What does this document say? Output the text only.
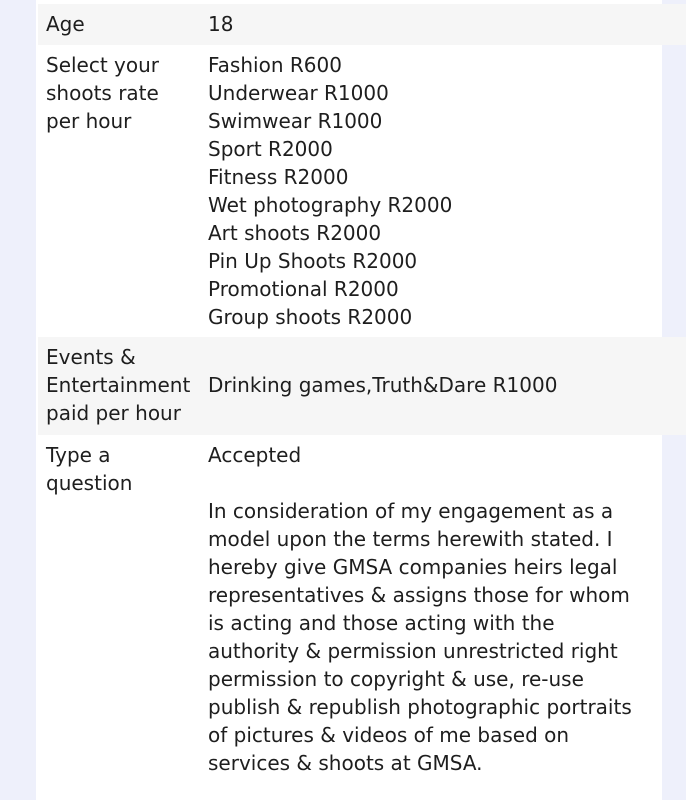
Age	18
Select your
shoots rate
per hour
Fashion R600
Underwear R1000
Swimwear R1000
Sport R2000
Fitness R2000
Wet photography R2000
Art shoots R2000
Pin Up Shoots R2000
Promotional R2000
Group shoots R2000
Events &
Entertainment
paid per hour
Drinking games,Truth&Dare R1000
Type a
question
Accepted
In consideration of my engagement as a
model upon the terms herewith stated. I
hereby give GMSA companies heirs legal
representatives & assigns those for whom
is acting and those acting with the
authority & permission unrestricted right
permission to copyright & use, re-use
publish & republish photographic portraits
of pictures & videos of me based on
services & shoots at GMSA.
